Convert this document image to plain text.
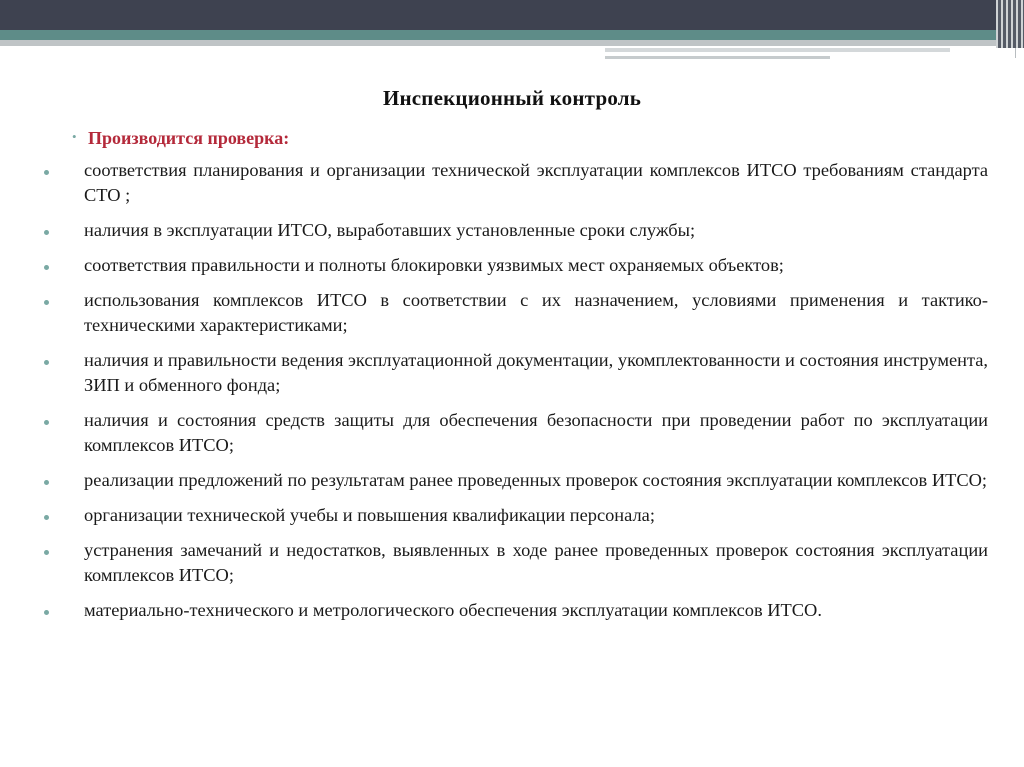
Инспекционный контроль
• Производится проверка:
соответствия планирования и организации технической эксплуатации комплексов ИТСО требованиям стандарта СТО ;
наличия в эксплуатации ИТСО, выработавших установленные сроки службы;
соответствия правильности и полноты блокировки уязвимых мест охраняемых объектов;
использования комплексов ИТСО в соответствии с их назначением, условиями применения и тактико-техническими характеристиками;
наличия и правильности ведения эксплуатационной документации, укомплектованности и состояния инструмента, ЗИП и обменного фонда;
наличия и состояния средств защиты для обеспечения безопасности при проведении работ по эксплуатации комплексов ИТСО;
реализации предложений по результатам ранее проведенных проверок состояния эксплуатации комплексов ИТСО;
организации технической учебы и повышения квалификации персонала;
устранения замечаний и недостатков, выявленных в ходе ранее проведенных проверок состояния эксплуатации комплексов ИТСО;
материально-технического и метрологического обеспечения эксплуатации комплексов ИТСО.
